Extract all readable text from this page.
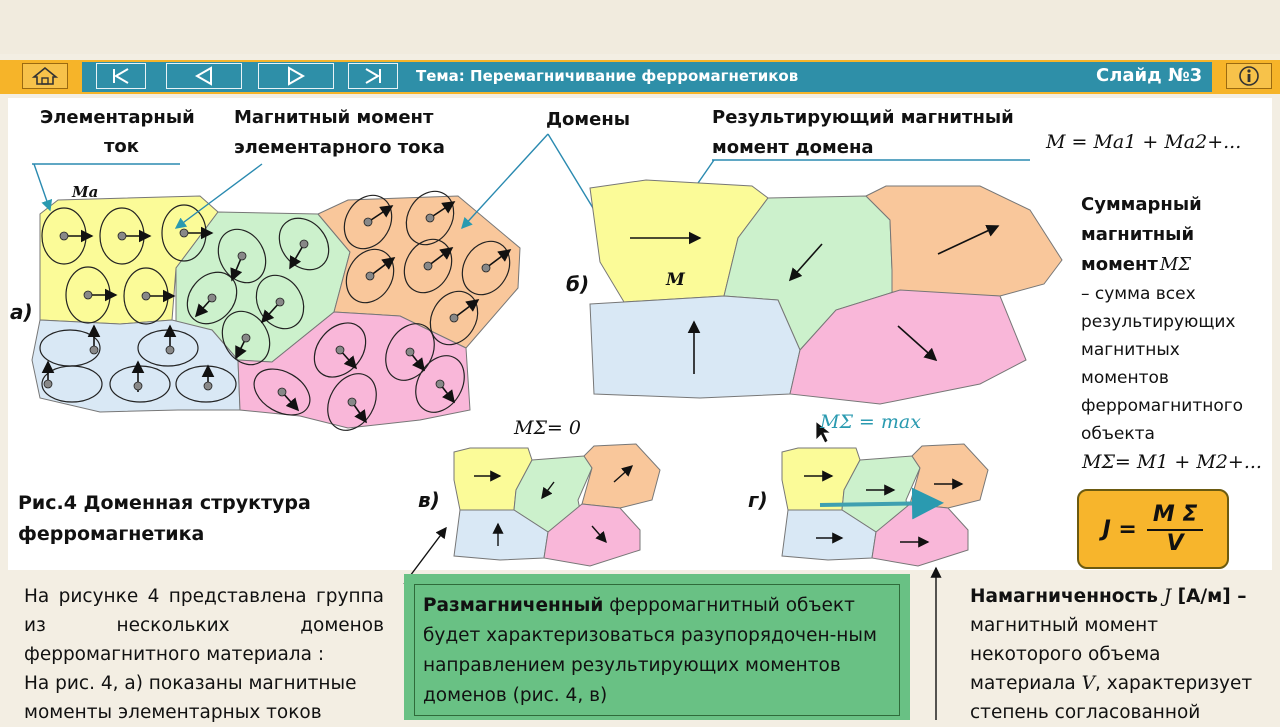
Тема: Перемагничивание ферромагнетиков	Слайд №3
Элементарный
ток
Магнитный момент
элементарного тока
Домены	Результирующий магнитный
момент домена	M = Ma1 + Ma2+...
Ma
M
а)
б)
в)	г)
MΣ= 0	MΣ = max
Рис.4 Доменная структура
ферромагнетика
Суммарный
магнитный
момент MΣ
– сумма всех
результирующих
магнитных
моментов
ферромагнитного
объекта
MΣ= M1 + M2+...
$J = \frac{\text{M Σ}}{V}$
На рисунке 4 представлена группа из нескольких доменов ферромагнитного материала :
На рис. 4, а) показаны магнитные моменты элементарных токов
Размагниченный ферромагнитный объект будет характеризоваться разупорядочен-ным направлением результирующих моментов доменов (рис. 4, в)
Намагниченность J [А/м] –
магнитный момент некоторого объема материала V, характеризует степень согласованной
